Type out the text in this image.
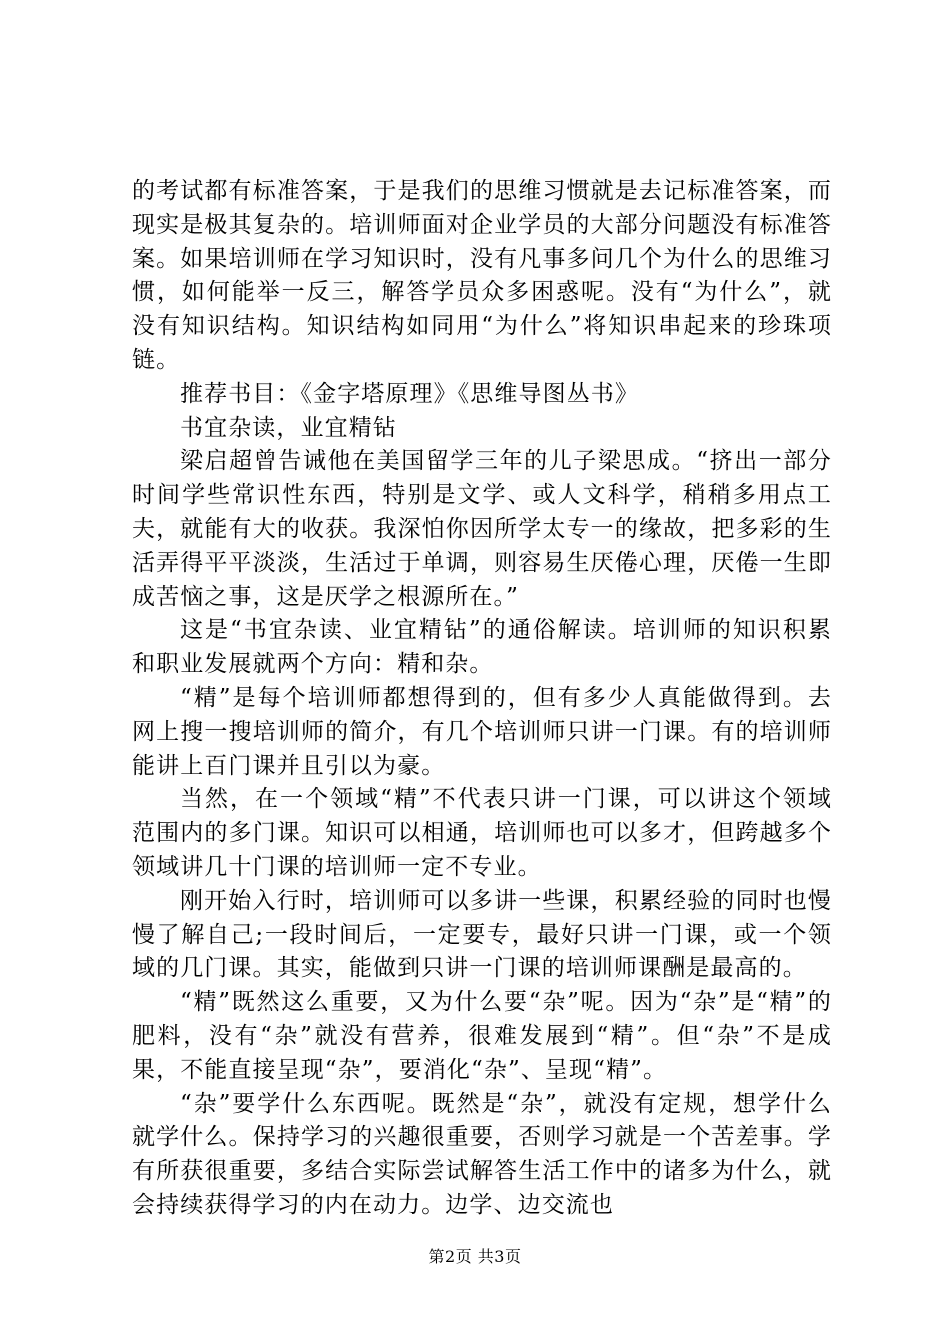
的考试都有标准答案，于是我们的思维习惯就是去记标准答案，而现实是极其复杂的。培训师面对企业学员的大部分问题没有标准答案。如果培训师在学习知识时，没有凡事多问几个为什么的思维习惯，如何能举一反三，解答学员众多困惑呢。没有“为什么”，就没有知识结构。知识结构如同用“为什么”将知识串起来的珍珠项链。

推荐书目：《金字塔原理》《思维导图丛书》

书宜杂读，业宜精钻

梁启超曾告诫他在美国留学三年的儿子梁思成。“挤出一部分时间学些常识性东西，特别是文学、或人文科学，稍稍多用点工夫，就能有大的收获。我深怕你因所学太专一的缘故，把多彩的生活弄得平平淡淡，生活过于单调，则容易生厌倦心理，厌倦一生即成苦恼之事，这是厌学之根源所在。”

这是“书宜杂读、业宜精钻”的通俗解读。培训师的知识积累和职业发展就两个方向：精和杂。

“精”是每个培训师都想得到的，但有多少人真能做得到。去网上搜一搜培训师的简介，有几个培训师只讲一门课。有的培训师能讲上百门课并且引以为豪。

当然，在一个领域“精”不代表只讲一门课，可以讲这个领域范围内的多门课。知识可以相通，培训师也可以多才，但跨越多个领域讲几十门课的培训师一定不专业。

刚开始入行时，培训师可以多讲一些课，积累经验的同时也慢慢了解自己;一段时间后，一定要专，最好只讲一门课，或一个领域的几门课。其实，能做到只讲一门课的培训师课酬是最高的。

“精”既然这么重要，又为什么要“杂”呢。因为“杂”是“精”的肥料，没有“杂”就没有营养，很难发展到“精”。但“杂”不是成果，不能直接呈现“杂”，要消化“杂”、呈现“精”。

“杂”要学什么东西呢。既然是“杂”，就没有定规，想学什么就学什么。保持学习的兴趣很重要，否则学习就是一个苦差事。学有所获很重要，多结合实际尝试解答生活工作中的诸多为什么，就会持续获得学习的内在动力。边学、边交流也

第2页 共3页
